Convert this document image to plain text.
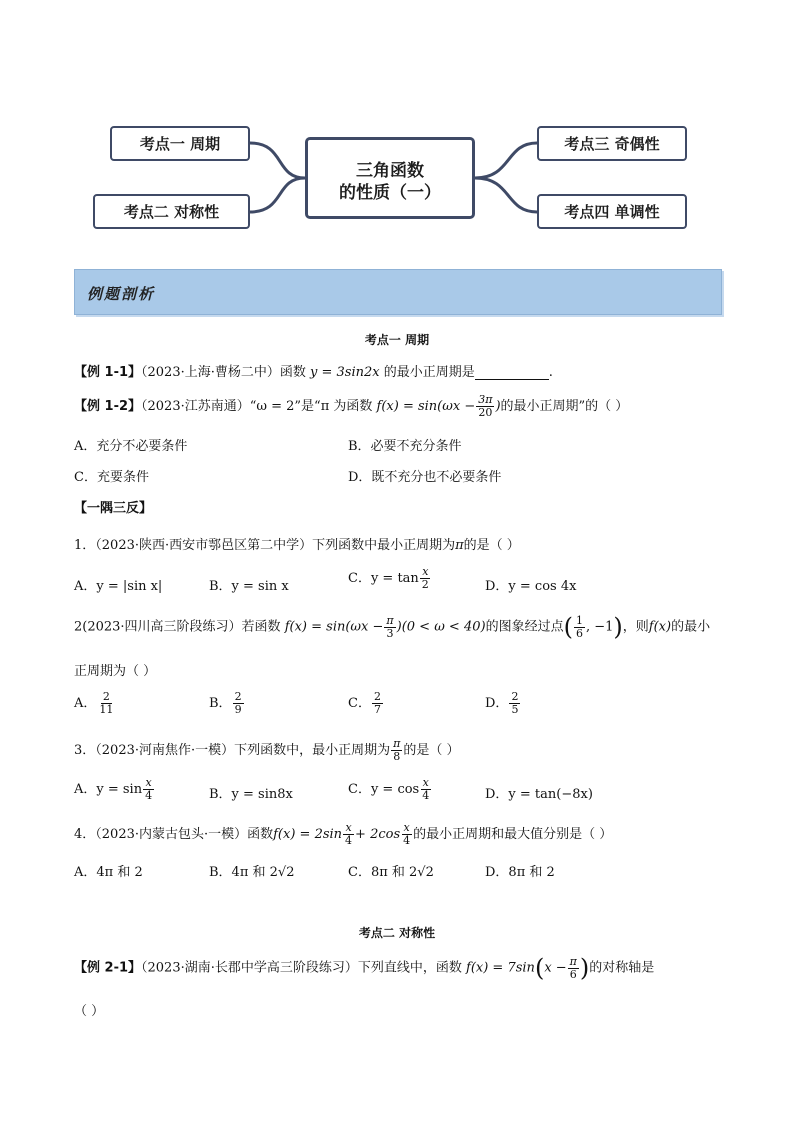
考点一 周期
考点二 对称性
三角函数
的性质（一）
考点三 奇偶性
考点四 单调性
例题剖析
考点一 周期
【例 1-1】（2023·上海·曹杨二中）函数 y = 3sin2x 的最小正周期是	.
【例 1-2】（2023·江苏南通）“ω = 2”是“π 为函数 $f(x) = \sin(\omega x - \frac{3\pi}{20}$ )的最小正周期”的（ ）
A．充分不必要条件	B．必要不充分条件
C．充要条件	D．既不充分也不必要条件
【一隅三反】
1．（2023·陕西·西安市鄠邑区第二中学）下列函数中最小正周期为π的是（ ）
A．y = |sin x|	B．y = sin x
C．$y = \tan \frac{x}{2}$	D．y = cos 4x
2(2023·四川高三阶段练习）若函数 $f(x) = \sin(\omega x - \frac{\pi}{3} )(0 < \omega < 40)$的图象经过点( $\frac{1}{6}$ , −1)，则f(x)的最小
正周期为（ ）
A． $\frac{2}{11}$	B． $\frac{2}{9}$	C． $\frac{2}{7}$	D． $\frac{2}{5}$
3．（2023·河南焦作·一模）下列函数中，最小正周期为 $\frac{\pi}{8}$ 的是（ ）
A．$y = \sin \frac{x}{4}$	B．y = sin8x	C．$y = \cos \frac{x}{4}$	D．y = tan(−8x)
4．（2023·内蒙古包头·一模）函数$f(x) = 2\sin \frac{x}{4} + 2\cos \frac{x}{4}$ 的最小正周期和最大值分别是（ ）
A．4π 和 2	B．4π 和 2√2	C．8π 和 2√2	D．8π 和 2
考点二 对称性
【例 2-1】（2023·湖南·长郡中学高三阶段练习）下列直线中，函数 $f(x) = 7\sin(x - \frac{\pi}{6}$ )的对称轴是
（ ）
